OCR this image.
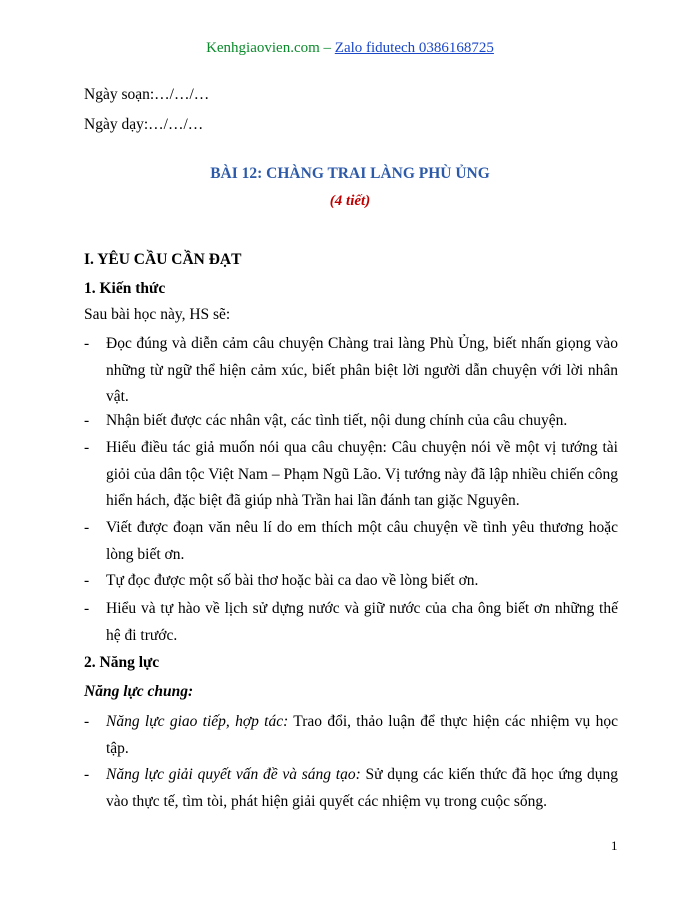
Kenhgiaovien.com – Zalo fidutech 0386168725
Ngày soạn:…/…/…
Ngày dạy:…/…/…
BÀI 12: CHÀNG TRAI LÀNG PHÙ ỦNG
(4 tiết)
I. YÊU CẦU CẦN ĐẠT
1. Kiến thức
Sau bài học này, HS sẽ:
- Đọc đúng và diễn cảm câu chuyện Chàng trai làng Phù Ủng, biết nhấn giọng vào những từ ngữ thể hiện cảm xúc, biết phân biệt lời người dẫn chuyện với lời nhân vật.
- Nhận biết được các nhân vật, các tình tiết, nội dung chính của câu chuyện.
- Hiểu điều tác giả muốn nói qua câu chuyện: Câu chuyện nói về một vị tướng tài giỏi của dân tộc Việt Nam – Phạm Ngũ Lão. Vị tướng này đã lập nhiều chiến công hiển hách, đặc biệt đã giúp nhà Trần hai lần đánh tan giặc Nguyên.
- Viết được đoạn văn nêu lí do em thích một câu chuyện về tình yêu thương hoặc lòng biết ơn.
- Tự đọc được một số bài thơ hoặc bài ca dao về lòng biết ơn.
- Hiểu và tự hào về lịch sử dựng nước và giữ nước của cha ông biết ơn những thế hệ đi trước.
2. Năng lực
Năng lực chung:
- Năng lực giao tiếp, hợp tác: Trao đổi, thảo luận để thực hiện các nhiệm vụ học tập.
- Năng lực giải quyết vấn đề và sáng tạo: Sử dụng các kiến thức đã học ứng dụng vào thực tế, tìm tòi, phát hiện giải quyết các nhiệm vụ trong cuộc sống.
1
